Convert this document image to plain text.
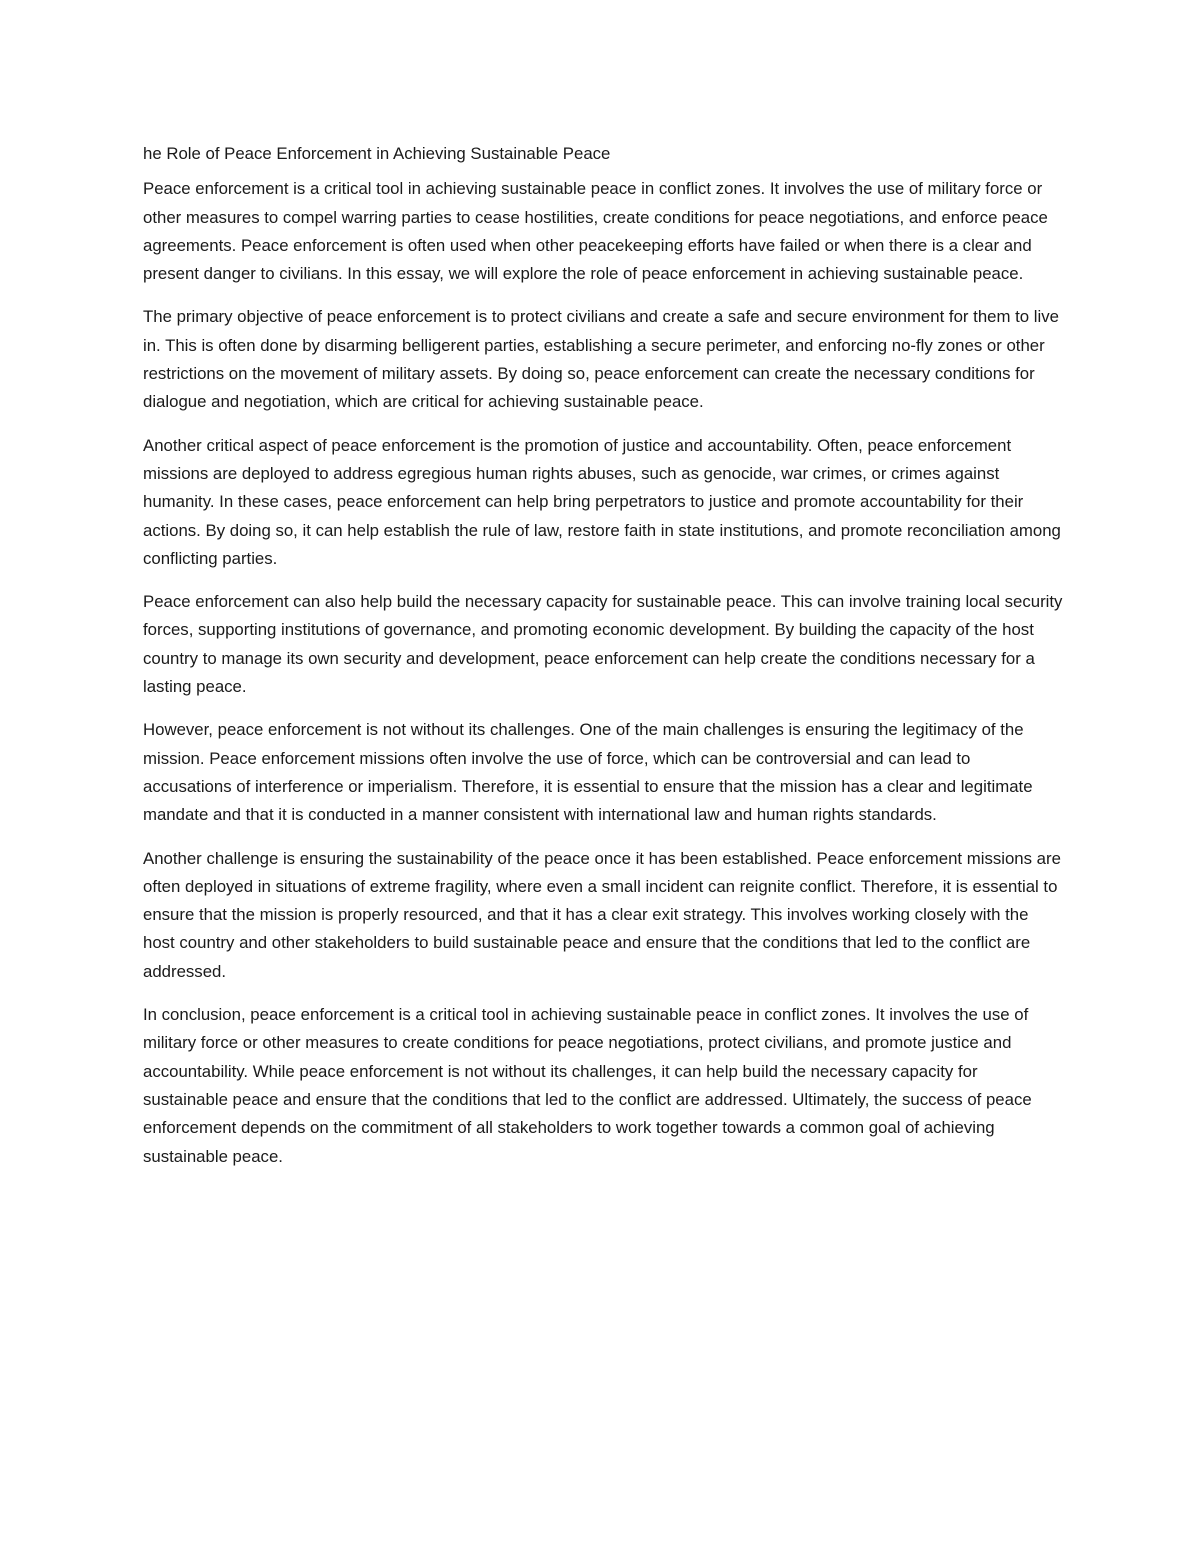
he Role of Peace Enforcement in Achieving Sustainable Peace

Peace enforcement is a critical tool in achieving sustainable peace in conflict zones. It involves the use of military force or other measures to compel warring parties to cease hostilities, create conditions for peace negotiations, and enforce peace agreements. Peace enforcement is often used when other peacekeeping efforts have failed or when there is a clear and present danger to civilians. In this essay, we will explore the role of peace enforcement in achieving sustainable peace.

The primary objective of peace enforcement is to protect civilians and create a safe and secure environment for them to live in. This is often done by disarming belligerent parties, establishing a secure perimeter, and enforcing no-fly zones or other restrictions on the movement of military assets. By doing so, peace enforcement can create the necessary conditions for dialogue and negotiation, which are critical for achieving sustainable peace.

Another critical aspect of peace enforcement is the promotion of justice and accountability. Often, peace enforcement missions are deployed to address egregious human rights abuses, such as genocide, war crimes, or crimes against humanity. In these cases, peace enforcement can help bring perpetrators to justice and promote accountability for their actions. By doing so, it can help establish the rule of law, restore faith in state institutions, and promote reconciliation among conflicting parties.

Peace enforcement can also help build the necessary capacity for sustainable peace. This can involve training local security forces, supporting institutions of governance, and promoting economic development. By building the capacity of the host country to manage its own security and development, peace enforcement can help create the conditions necessary for a lasting peace.

However, peace enforcement is not without its challenges. One of the main challenges is ensuring the legitimacy of the mission. Peace enforcement missions often involve the use of force, which can be controversial and can lead to accusations of interference or imperialism. Therefore, it is essential to ensure that the mission has a clear and legitimate mandate and that it is conducted in a manner consistent with international law and human rights standards.

Another challenge is ensuring the sustainability of the peace once it has been established. Peace enforcement missions are often deployed in situations of extreme fragility, where even a small incident can reignite conflict. Therefore, it is essential to ensure that the mission is properly resourced, and that it has a clear exit strategy. This involves working closely with the host country and other stakeholders to build sustainable peace and ensure that the conditions that led to the conflict are addressed.

In conclusion, peace enforcement is a critical tool in achieving sustainable peace in conflict zones. It involves the use of military force or other measures to create conditions for peace negotiations, protect civilians, and promote justice and accountability. While peace enforcement is not without its challenges, it can help build the necessary capacity for sustainable peace and ensure that the conditions that led to the conflict are addressed. Ultimately, the success of peace enforcement depends on the commitment of all stakeholders to work together towards a common goal of achieving sustainable peace.
